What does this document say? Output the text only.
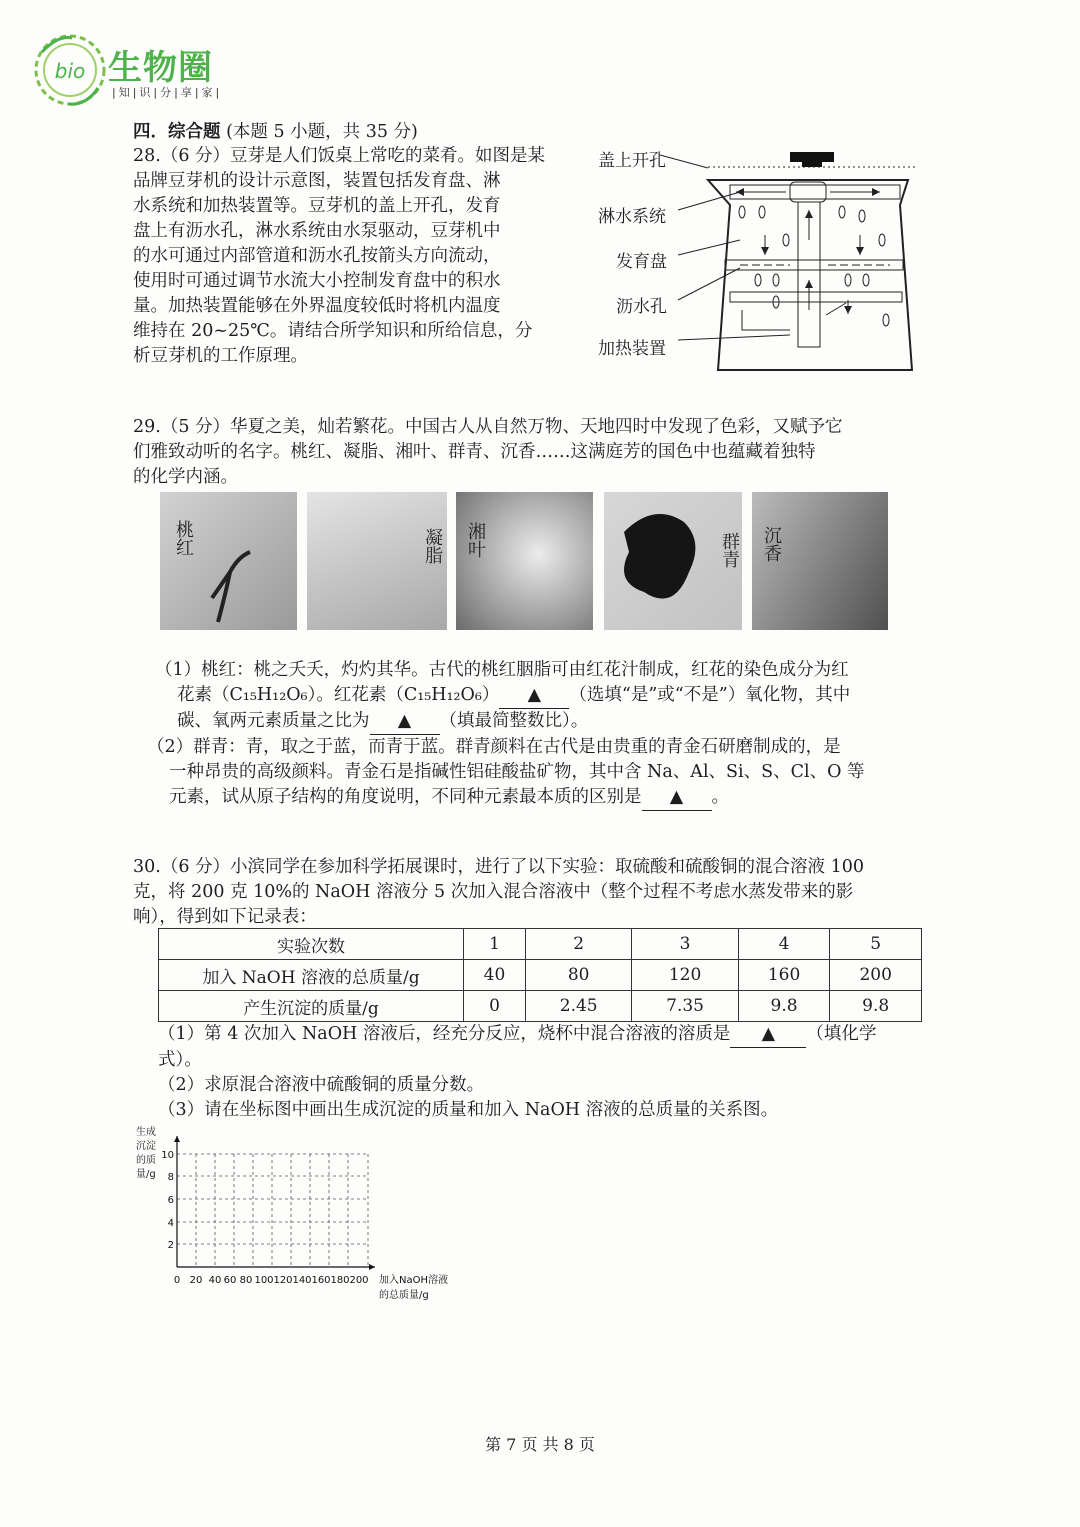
bio 生物圈
|知|识|分|享|家|
四．综合题 (本题 5 小题，共 35 分)
28.（6 分）豆芽是人们饭桌上常吃的菜肴。如图是某
品牌豆芽机的设计示意图，装置包括发育盘、淋
水系统和加热装置等。豆芽机的盖上开孔，发育
盘上有沥水孔，淋水系统由水泵驱动，豆芽机中
的水可通过内部管道和沥水孔按箭头方向流动，
使用时可通过调节水流大小控制发育盘中的积水
量。加热装置能够在外界温度较低时将机内温度
维持在 20~25℃。请结合所学知识和所给信息，分
析豆芽机的工作原理。
盖上开孔
淋水系统
发育盘
沥水孔
加热装置
29.（5 分）华夏之美，灿若繁花。中国古人从自然万物、天地四时中发现了色彩，又赋予它
们雅致动听的名字。桃红、凝脂、湘叶、群青、沉香……这满庭芳的国色中也蕴藏着独特
的化学内涵。
桃红	凝脂 湘叶	群青 沉香
（1）桃红：桃之夭夭，灼灼其华。古代的桃红胭脂可由红花汁制成，红花的染色成分为红
花素（C₁₅H₁₂O₆）。红花素（C₁₅H₁₂O₆） ▲ （选填“是”或“不是”）氧化物，其中
碳、氧两元素质量之比为 ▲ （填最简整数比）。
（2）群青：青，取之于蓝，而青于蓝。群青颜料在古代是由贵重的青金石研磨制成的，是
一种昂贵的高级颜料。青金石是指碱性铝硅酸盐矿物，其中含 Na、Al、Si、S、Cl、O 等
元素，试从原子结构的角度说明，不同种元素最本质的区别是 ▲ 。
30.（6 分）小滨同学在参加科学拓展课时，进行了以下实验：取硫酸和硫酸铜的混合溶液 100
克，将 200 克 10%的 NaOH 溶液分 5 次加入混合溶液中（整个过程不考虑水蒸发带来的影
响），得到如下记录表：
实验次数	1	2	3	4	5
加入 NaOH 溶液的总质量/g	40	80	120	160	200
产生沉淀的质量/g	0	2.45	7.35	9.8	9.8
（1）第 4 次加入 NaOH 溶液后，经充分反应，烧杯中混合溶液的溶质是 ▲ （填化学
式）。
（2）求原混合溶液中硫酸铜的质量分数。
（3）请在坐标图中画出生成沉淀的质量和加入 NaOH 溶液的总质量的关系图。
生成
沉淀
的质
量/g
10
8
6
4
2
0 20 40 60 80 100 120 140 160 180 200 加入NaOH溶液
的总质量/g
第 7 页 共 8 页
